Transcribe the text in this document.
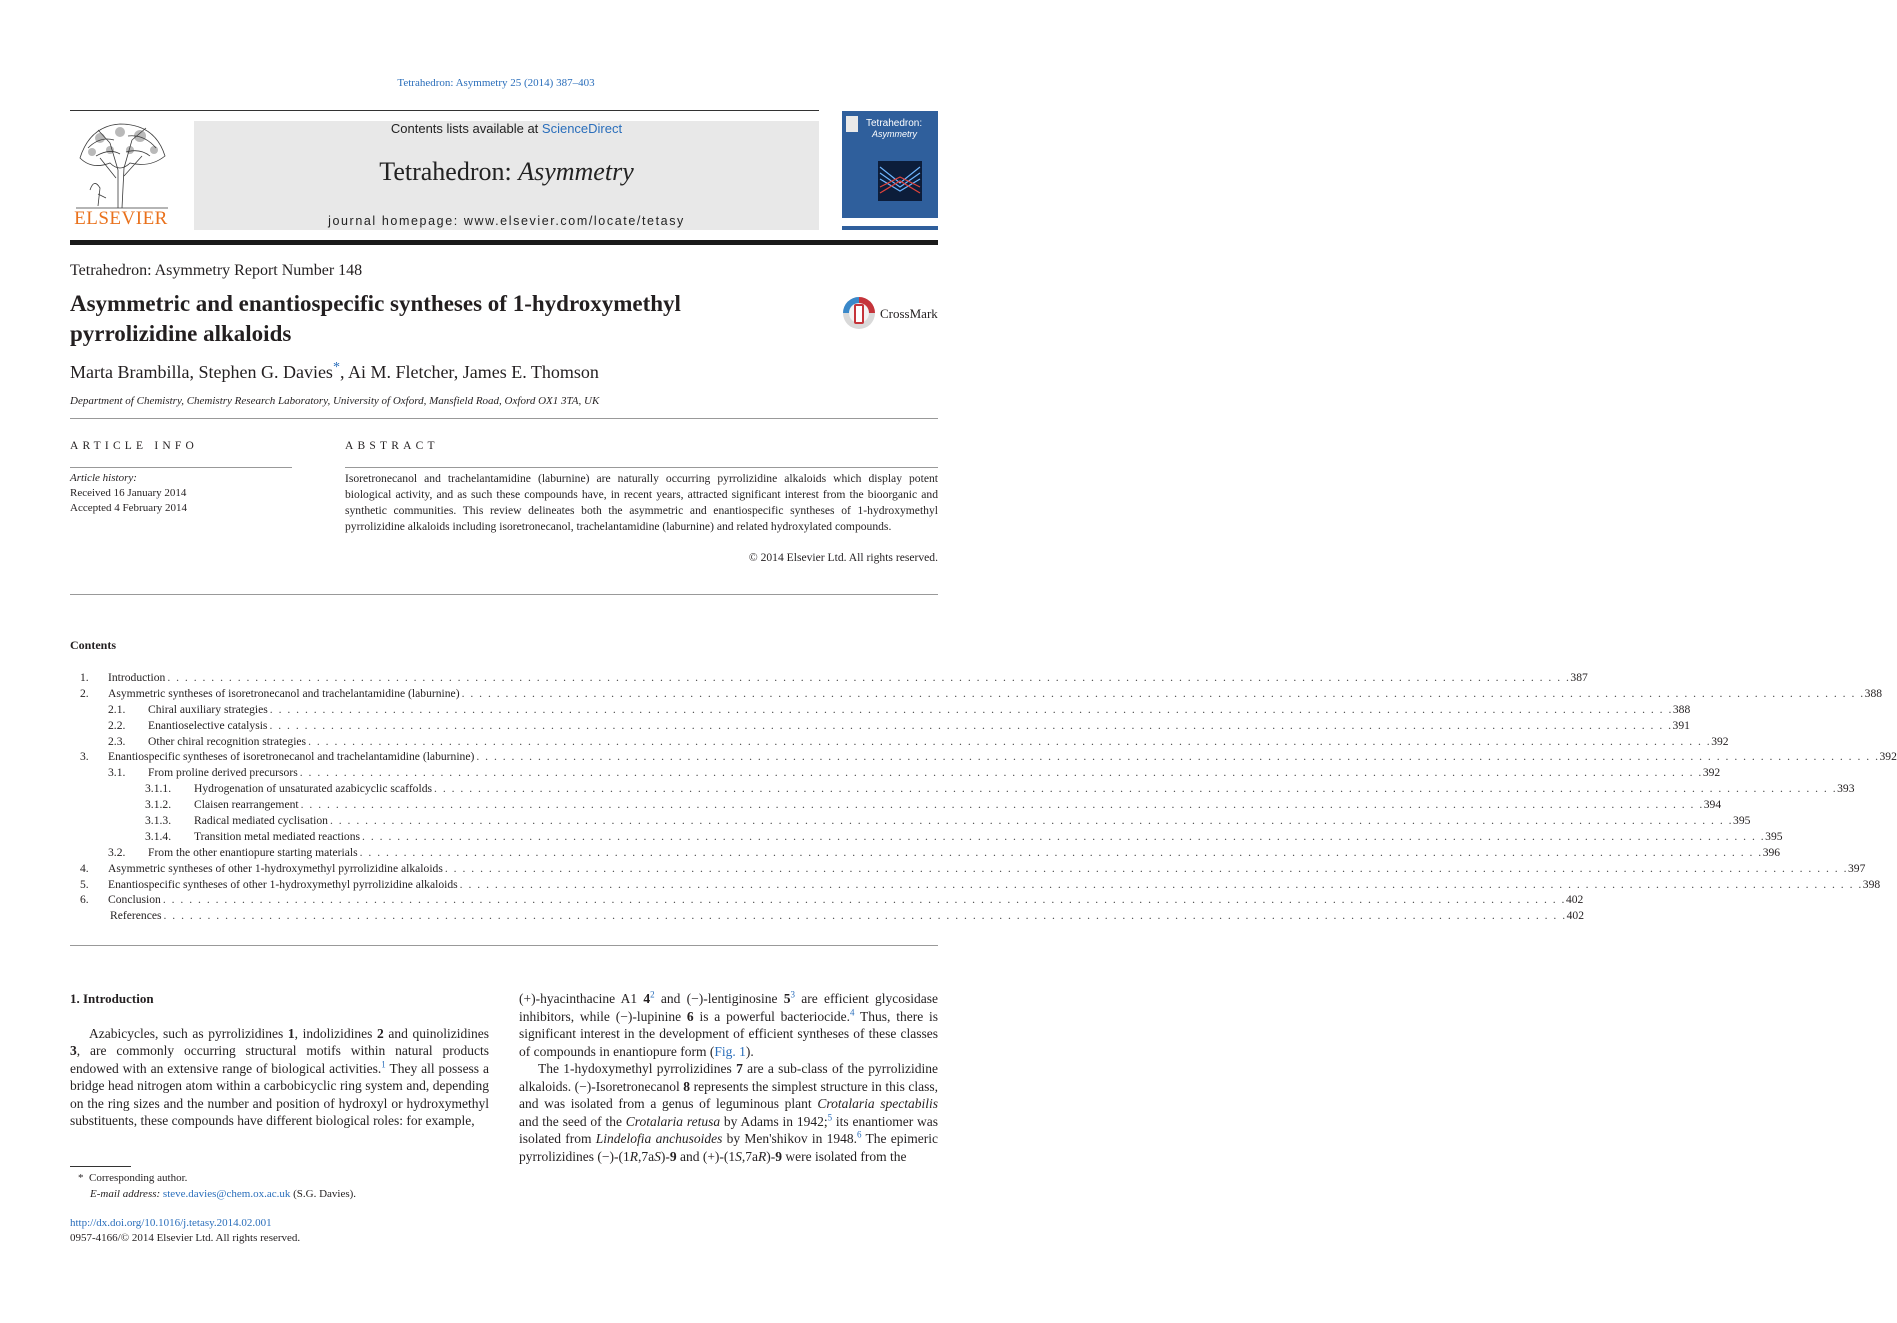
Tetrahedron: Asymmetry 25 (2014) 387–403
ELSEVIER
Contents lists available at ScienceDirect
Tetrahedron: Asymmetry
journal homepage: www.elsevier.com/locate/tetasy
Tetrahedron:
Asymmetry
Tetrahedron: Asymmetry Report Number 148
Asymmetric and enantiospecific syntheses of 1-hydroxymethyl pyrrolizidine alkaloids
CrossMark
Marta Brambilla, Stephen G. Davies*, Ai M. Fletcher, James E. Thomson
Department of Chemistry, Chemistry Research Laboratory, University of Oxford, Mansfield Road, Oxford OX1 3TA, UK
ARTICLE INFO
Article history:
Received 16 January 2014
Accepted 4 February 2014
ABSTRACT
Isoretronecanol and trachelantamidine (laburnine) are naturally occurring pyrrolizidine alkaloids which display potent biological activity, and as such these compounds have, in recent years, attracted significant interest from the bioorganic and synthetic communities. This review delineates both the asymmetric and enantiospecific syntheses of 1-hydroxymethyl pyrrolizidine alkaloids including isoretronecanol, trachelantamidine (laburnine) and related hydroxylated compounds.
© 2014 Elsevier Ltd. All rights reserved.
Contents
1. Introduction . . . . . . . . . . . . . . . . . . . . . . . . . . . . . . . . . . . . . . . . . . . . . . . . . . . . . . . . . . . . . . . . . . . . . . . . . . . . . . . . . . . . . . . . . . . . . . . . . . . . . . . . . . . . . . . . . . . . . . . . . . . . . . . . . . . . . . . . . . . . . . . . . . . . . . . . . . . . . . . . 387
2. Asymmetric syntheses of isoretronecanol and trachelantamidine (laburnine) . . . . . . . . . . . . . . . . . . . . . . . . . . . . . . . . . . . . . . . . . . . . . . . . . . . . . . . . . . . . . . . . . . . . . . . . . . . . . . . . . . . . . . . . . . . . . . . . . . . . . . . . . . . . . . . . . . . . . . . . . . . . . . . . . . . . . . . . . . . . . . . . . . . . . . . . . . . . . . . . 388
2.1. Chiral auxiliary strategies . . . . . . . . . . . . . . . . . . . . . . . . . . . . . . . . . . . . . . . . . . . . . . . . . . . . . . . . . . . . . . . . . . . . . . . . . . . . . . . . . . . . . . . . . . . . . . . . . . . . . . . . . . . . . . . . . . . . . . . . . . . . . . . . . . . . . . . . . . . . . . . . . . . . . . . . . . . . . . . . 388
2.2. Enantioselective catalysis . . . . . . . . . . . . . . . . . . . . . . . . . . . . . . . . . . . . . . . . . . . . . . . . . . . . . . . . . . . . . . . . . . . . . . . . . . . . . . . . . . . . . . . . . . . . . . . . . . . . . . . . . . . . . . . . . . . . . . . . . . . . . . . . . . . . . . . . . . . . . . . . . . . . . . . . . . . . . . . . 391
2.3. Other chiral recognition strategies . . . . . . . . . . . . . . . . . . . . . . . . . . . . . . . . . . . . . . . . . . . . . . . . . . . . . . . . . . . . . . . . . . . . . . . . . . . . . . . . . . . . . . . . . . . . . . . . . . . . . . . . . . . . . . . . . . . . . . . . . . . . . . . . . . . . . . . . . . . . . . . . . . . . . . . . . . . . . . . . 392
3. Enantiospecific syntheses of isoretronecanol and trachelantamidine (laburnine) . . . . . . . . . . . . . . . . . . . . . . . . . . . . . . . . . . . . . . . . . . . . . . . . . . . . . . . . . . . . . . . . . . . . . . . . . . . . . . . . . . . . . . . . . . . . . . . . . . . . . . . . . . . . . . . . . . . . . . . . . . . . . . . . . . . . . . . . . . . . . . . . . . . . . . . . . . . . . . . . 392
3.1. From proline derived precursors . . . . . . . . . . . . . . . . . . . . . . . . . . . . . . . . . . . . . . . . . . . . . . . . . . . . . . . . . . . . . . . . . . . . . . . . . . . . . . . . . . . . . . . . . . . . . . . . . . . . . . . . . . . . . . . . . . . . . . . . . . . . . . . . . . . . . . . . . . . . . . . . . . . . . . . . . . . . . . . . 392
3.1.1. Hydrogenation of unsaturated azabicyclic scaffolds . . . . . . . . . . . . . . . . . . . . . . . . . . . . . . . . . . . . . . . . . . . . . . . . . . . . . . . . . . . . . . . . . . . . . . . . . . . . . . . . . . . . . . . . . . . . . . . . . . . . . . . . . . . . . . . . . . . . . . . . . . . . . . . . . . . . . . . . . . . . . . . . . . . . . . . . . . . . . . . . 393
3.1.2. Claisen rearrangement . . . . . . . . . . . . . . . . . . . . . . . . . . . . . . . . . . . . . . . . . . . . . . . . . . . . . . . . . . . . . . . . . . . . . . . . . . . . . . . . . . . . . . . . . . . . . . . . . . . . . . . . . . . . . . . . . . . . . . . . . . . . . . . . . . . . . . . . . . . . . . . . . . . . . . . . . . . . . . . . 394
3.1.3. Radical mediated cyclisation . . . . . . . . . . . . . . . . . . . . . . . . . . . . . . . . . . . . . . . . . . . . . . . . . . . . . . . . . . . . . . . . . . . . . . . . . . . . . . . . . . . . . . . . . . . . . . . . . . . . . . . . . . . . . . . . . . . . . . . . . . . . . . . . . . . . . . . . . . . . . . . . . . . . . . . . . . . . . . . . 395
3.1.4. Transition metal mediated reactions . . . . . . . . . . . . . . . . . . . . . . . . . . . . . . . . . . . . . . . . . . . . . . . . . . . . . . . . . . . . . . . . . . . . . . . . . . . . . . . . . . . . . . . . . . . . . . . . . . . . . . . . . . . . . . . . . . . . . . . . . . . . . . . . . . . . . . . . . . . . . . . . . . . . . . . . . . . . . . . . 395
3.2. From the other enantiopure starting materials . . . . . . . . . . . . . . . . . . . . . . . . . . . . . . . . . . . . . . . . . . . . . . . . . . . . . . . . . . . . . . . . . . . . . . . . . . . . . . . . . . . . . . . . . . . . . . . . . . . . . . . . . . . . . . . . . . . . . . . . . . . . . . . . . . . . . . . . . . . . . . . . . . . . . . . . . . . . . . . . 396
4. Asymmetric syntheses of other 1-hydroxymethyl pyrrolizidine alkaloids . . . . . . . . . . . . . . . . . . . . . . . . . . . . . . . . . . . . . . . . . . . . . . . . . . . . . . . . . . . . . . . . . . . . . . . . . . . . . . . . . . . . . . . . . . . . . . . . . . . . . . . . . . . . . . . . . . . . . . . . . . . . . . . . . . . . . . . . . . . . . . . . . . . . . . . . . . . . . . . . 397
5. Enantiospecific syntheses of other 1-hydroxymethyl pyrrolizidine alkaloids . . . . . . . . . . . . . . . . . . . . . . . . . . . . . . . . . . . . . . . . . . . . . . . . . . . . . . . . . . . . . . . . . . . . . . . . . . . . . . . . . . . . . . . . . . . . . . . . . . . . . . . . . . . . . . . . . . . . . . . . . . . . . . . . . . . . . . . . . . . . . . . . . . . . . . . . . . . . . . . . 398
6. Conclusion . . . . . . . . . . . . . . . . . . . . . . . . . . . . . . . . . . . . . . . . . . . . . . . . . . . . . . . . . . . . . . . . . . . . . . . . . . . . . . . . . . . . . . . . . . . . . . . . . . . . . . . . . . . . . . . . . . . . . . . . . . . . . . . . . . . . . . . . . . . . . . . . . . . . . . . . . . . . . . . . 402
References . . . . . . . . . . . . . . . . . . . . . . . . . . . . . . . . . . . . . . . . . . . . . . . . . . . . . . . . . . . . . . . . . . . . . . . . . . . . . . . . . . . . . . . . . . . . . . . . . . . . . . . . . . . . . . . . . . . . . . . . . . . . . . . . . . . . . . . . . . . . . . . . . . . . . . . . . . . . . . . . 402
1. Introduction

Azabicycles, such as pyrrolizidines 1, indolizidines 2 and quinolizidines 3, are commonly occurring structural motifs within natural products endowed with an extensive range of biological activities.$^1$ They all possess a bridge head nitrogen atom within a carbobicyclic ring system and, depending on the ring sizes and the number and position of hydroxyl or hydroxymethyl substituents, these compounds have different biological roles: for example,

(+)-hyacinthacine A1 4$^2$ and (−)-lentiginosine 5$^3$ are efficient glycosidase inhibitors, while (−)-lupinine 6 is a powerful bacteriocide.$^4$ Thus, there is significant interest in the development of efficient syntheses of these classes of compounds in enantiopure form (Fig. 1).

The 1-hydoxymethyl pyrrolizidines 7 are a sub-class of the pyrrolizidine alkaloids. (−)-Isoretronecanol 8 represents the simplest structure in this class, and was isolated from a genus of leguminous plant Crotalaria spectabilis and the seed of the Crotalaria retusa by Adams in 1942;$^5$ its enantiomer was isolated from Lindelofia anchusoides by Men'shikov in 1948.$^6$ The epimeric pyrrolizidines (−)-(1R,7aS)-9 and (+)-(1S,7aR)-9 were isolated from the

* Corresponding author.
E-mail address: steve.davies@chem.ox.ac.uk (S.G. Davies).
http://dx.doi.org/10.1016/j.tetasy.2014.02.001
0957-4166/© 2014 Elsevier Ltd. All rights reserved.
